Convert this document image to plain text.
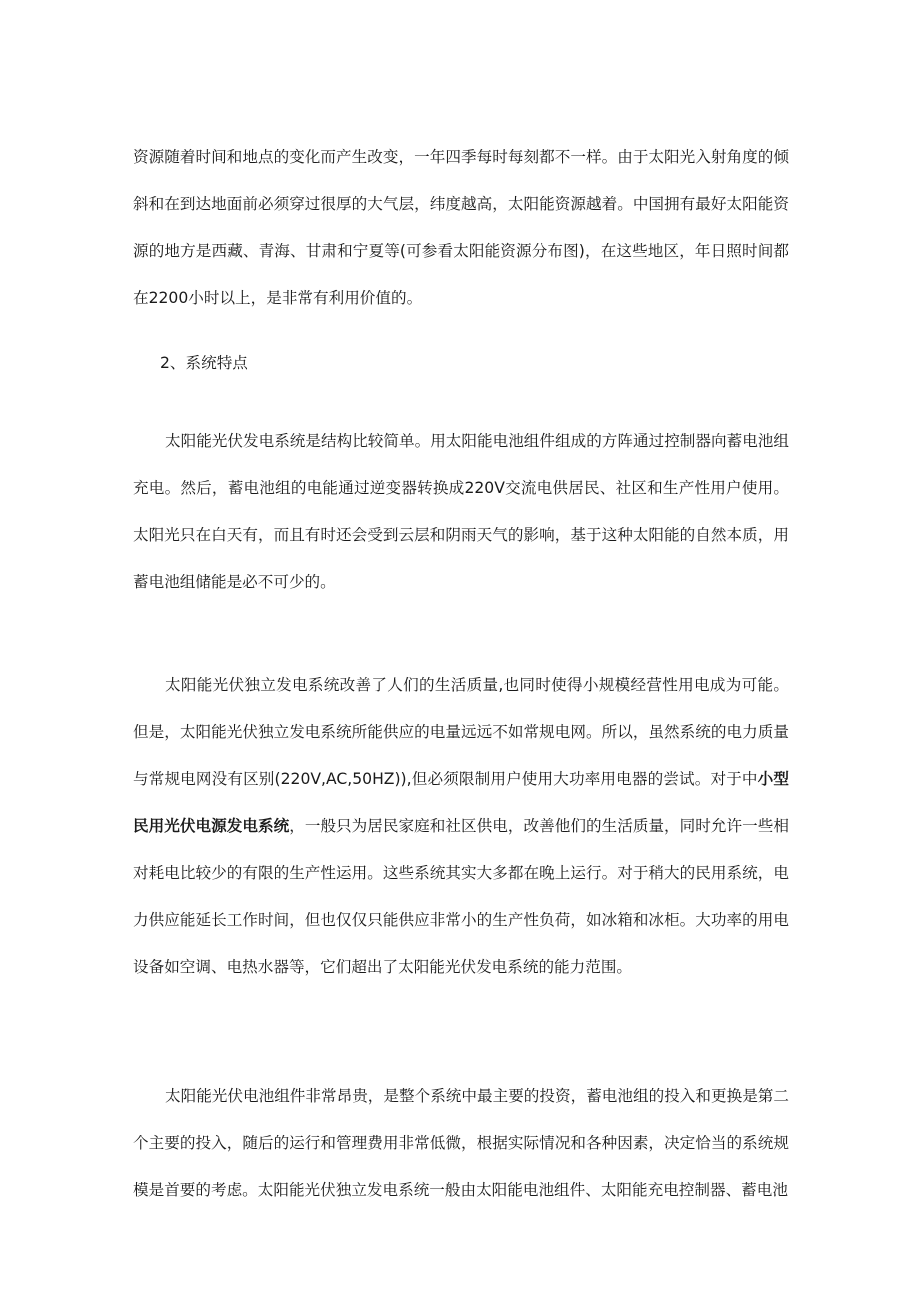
资源随着时间和地点的变化而产生改变，一年四季每时每刻都不一样。由于太阳光入射角度的倾斜和在到达地面前必须穿过很厚的大气层，纬度越高，太阳能资源越着。中国拥有最好太阳能资源的地方是西藏、青海、甘肃和宁夏等(可参看太阳能资源分布图)，在这些地区，年日照时间都在2200小时以上，是非常有利用价值的。

2、系统特点

太阳能光伏发电系统是结构比较简单。用太阳能电池组件组成的方阵通过控制器向蓄电池组充电。然后，蓄电池组的电能通过逆变器转换成220V交流电供居民、社区和生产性用户使用。太阳光只在白天有，而且有时还会受到云层和阴雨天气的影响，基于这种太阳能的自然本质，用蓄电池组储能是必不可少的。

太阳能光伏独立发电系统改善了人们的生活质量,也同时使得小规模经营性用电成为可能。但是，太阳能光伏独立发电系统所能供应的电量远远不如常规电网。所以，虽然系统的电力质量与常规电网没有区别(220V,AC,50HZ)),但必须限制用户使用大功率用电器的尝试。对于中小型民用光伏电源发电系统，一般只为居民家庭和社区供电，改善他们的生活质量，同时允许一些相对耗电比较少的有限的生产性运用。这些系统其实大多都在晚上运行。对于稍大的民用系统，电力供应能延长工作时间，但也仅仅只能供应非常小的生产性负荷，如冰箱和冰柜。大功率的用电设备如空调、电热水器等，它们超出了太阳能光伏发电系统的能力范围。

太阳能光伏电池组件非常昂贵，是整个系统中最主要的投资，蓄电池组的投入和更换是第二个主要的投入，随后的运行和管理费用非常低微，根据实际情况和各种因素，决定恰当的系统规模是首要的考虑。太阳能光伏独立发电系统一般由太阳能电池组件、太阳能充电控制器、蓄电池
